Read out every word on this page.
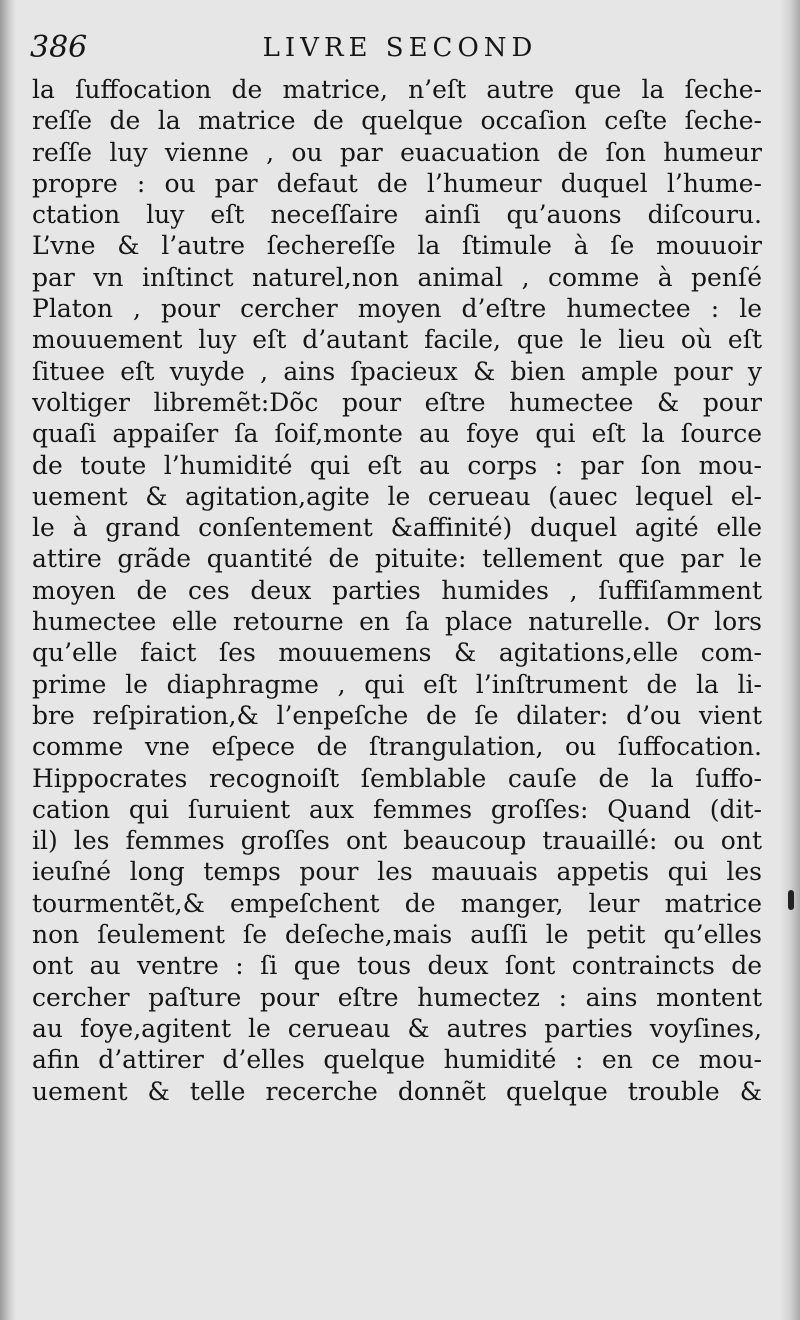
386	LIVRE SECOND
la ſuffocation de matrice, n’eſt autre que la ſeche-
reſſe de la matrice de quelque occaſion ceſte ſeche-
reſſe luy vienne , ou par euacuation de ſon humeur
propre : ou par defaut de l’humeur duquel l’hume-
ctation luy eſt neceſſaire ainſi qu’auons diſcouru.
L’vne & l’autre ſechereſſe la ſtimule à ſe mouuoir
par vn inſtinct naturel,non animal , comme à penſé
Platon , pour cercher moyen d’eſtre humectee : le
mouuement luy eſt d’autant facile, que le lieu où eſt
ſituee eſt vuyde , ains ſpacieux & bien ample pour y
voltiger libremẽt:Dõc pour eſtre humectee & pour
quaſi appaiſer ſa ſoif,monte au foye qui eſt la ſource
de toute l’humidité qui eſt au corps : par ſon mou-
uement & agitation,agite le cerueau (auec lequel el-
le à grand conſentement &affinité) duquel agité elle
attire grãde quantité de pituite: tellement que par le
moyen de ces deux parties humides , ſuffiſamment
humectee elle retourne en ſa place naturelle. Or lors
qu’elle faict ſes mouuemens & agitations,elle com-
prime le diaphragme , qui eſt l’inſtrument de la li-
bre reſpiration,& l’enpeſche de ſe dilater: d’ou vient
comme vne eſpece de ſtrangulation, ou ſuffocation.
Hippocrates recognoiſt ſemblable cauſe de la ſuffo-
cation qui ſuruient aux femmes groſſes: Quand (dit-
il) les femmes groſſes ont beaucoup trauaillé: ou ont
ieuſné long temps pour les mauuais appetis qui les
tourmentẽt,& empeſchent de manger, leur matrice
non ſeulement ſe deſeche,mais auſſi le petit qu’elles
ont au ventre : ſi que tous deux ſont contraincts de
cercher paſture pour eſtre humectez : ains montent
au foye,agitent le cerueau & autres parties voyſines,
afin d’attirer d’elles quelque humidité : en ce mou-
uement & telle recerche donnẽt quelque trouble &
